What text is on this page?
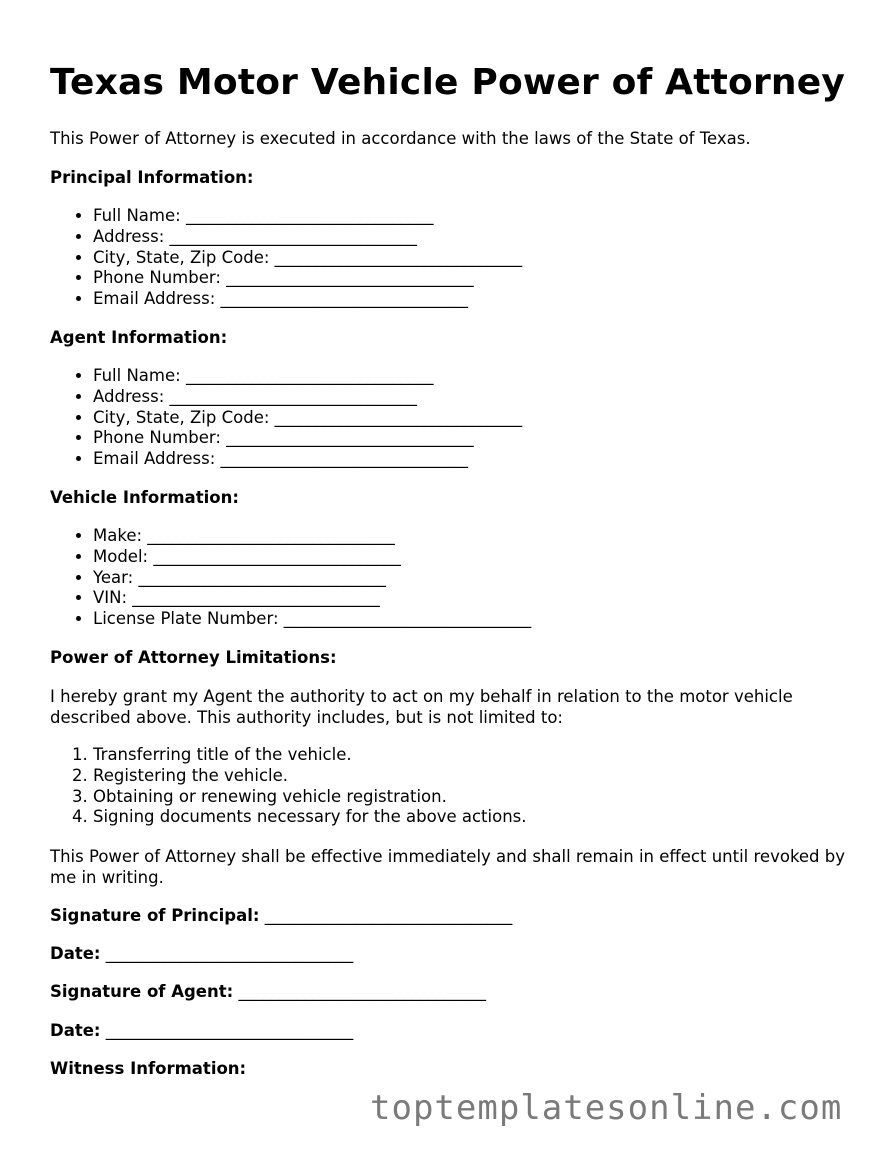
Texas Motor Vehicle Power of Attorney
This Power of Attorney is executed in accordance with the laws of the State of Texas.
Principal Information:
• Full Name: ______________________________
• Address: ______________________________
• City, State, Zip Code: ______________________________
• Phone Number: ______________________________
• Email Address: ______________________________
Agent Information:
• Full Name: ______________________________
• Address: ______________________________
• City, State, Zip Code: ______________________________
• Phone Number: ______________________________
• Email Address: ______________________________
Vehicle Information:
• Make: ______________________________
• Model: ______________________________
• Year: ______________________________
• VIN: ______________________________
• License Plate Number: ______________________________
Power of Attorney Limitations:
I hereby grant my Agent the authority to act on my behalf in relation to the motor vehicle described above. This authority includes, but is not limited to:
1. Transferring title of the vehicle.
2. Registering the vehicle.
3. Obtaining or renewing vehicle registration.
4. Signing documents necessary for the above actions.
This Power of Attorney shall be effective immediately and shall remain in effect until revoked by me in writing.
Signature of Principal: ______________________________
Date: ______________________________
Signature of Agent: ______________________________
Date: ______________________________
Witness Information:
toptemplatesonline.com
